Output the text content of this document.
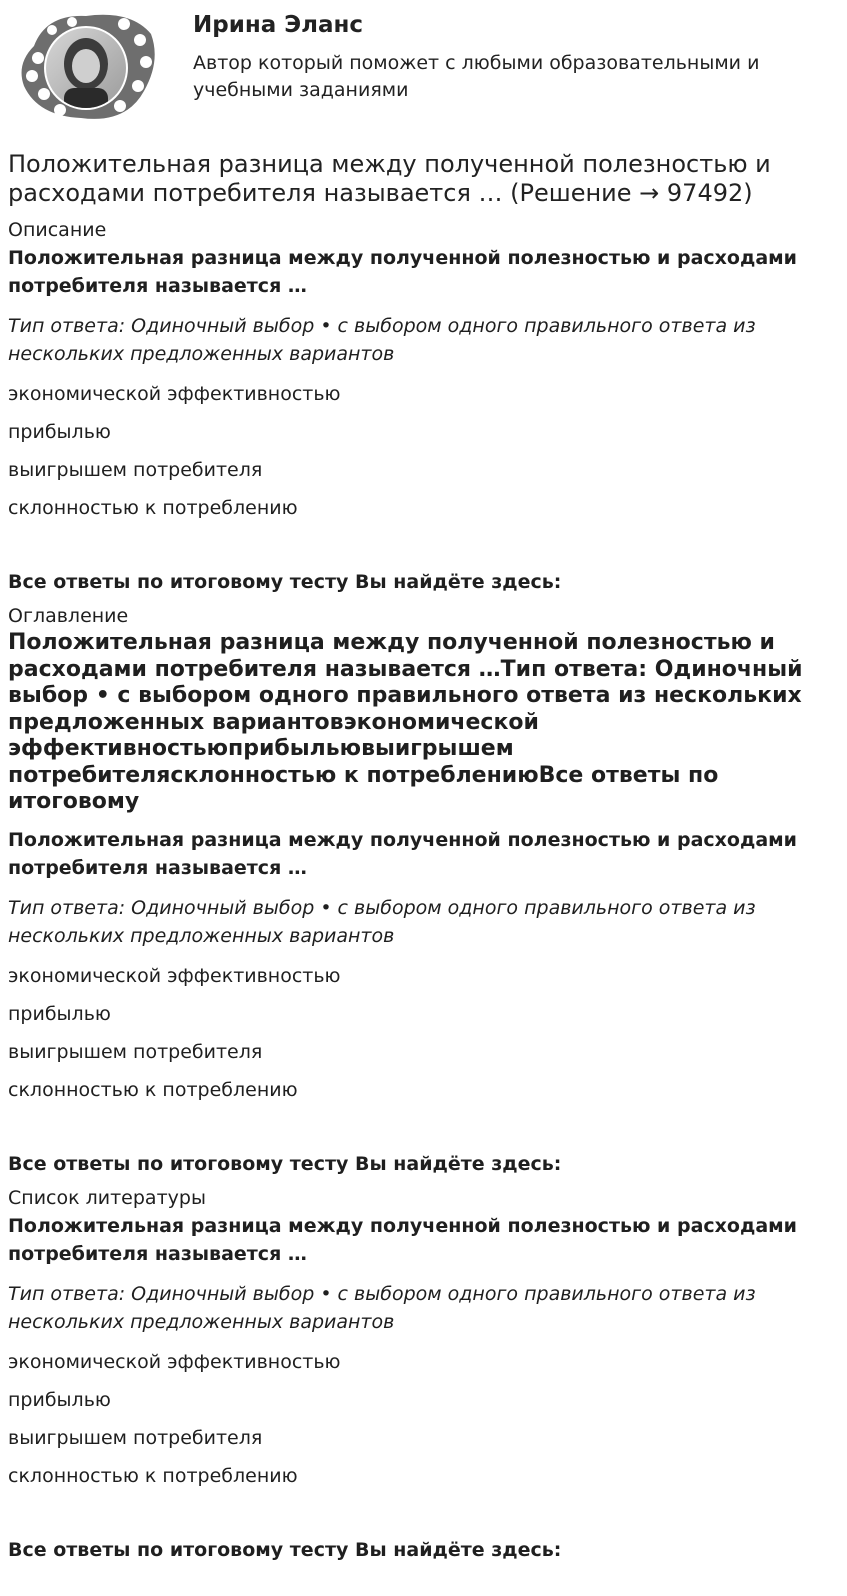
Ирина Эланс

Автор который поможет с любыми образовательными и учебными заданиями

Положительная разница между полученной полезностью и расходами потребителя называется … (Решение → 97492)

Описание

Положительная разница между полученной полезностью и расходами потребителя называется …

Тип ответа: Одиночный выбор • с выбором одного правильного ответа из нескольких предложенных вариантов

экономической эффективностью

прибылью

выигрышем потребителя

склонностью к потреблению

Все ответы по итоговому тесту Вы найдёте здесь:

Оглавление

Положительная разница между полученной полезностью и расходами потребителя называется …Тип ответа: Одиночный выбор • с выбором одного правильного ответа из нескольких предложенных вариантовэкономической эффективностьюприбыльювыигрышем потребителясклонностью к потреблениюВсе ответы по итоговому

Положительная разница между полученной полезностью и расходами потребителя называется …

Тип ответа: Одиночный выбор • с выбором одного правильного ответа из нескольких предложенных вариантов

экономической эффективностью

прибылью

выигрышем потребителя

склонностью к потреблению

Все ответы по итоговому тесту Вы найдёте здесь:

Список литературы

Положительная разница между полученной полезностью и расходами потребителя называется …

Тип ответа: Одиночный выбор • с выбором одного правильного ответа из нескольких предложенных вариантов

экономической эффективностью

прибылью

выигрышем потребителя

склонностью к потреблению

Все ответы по итоговому тесту Вы найдёте здесь:
